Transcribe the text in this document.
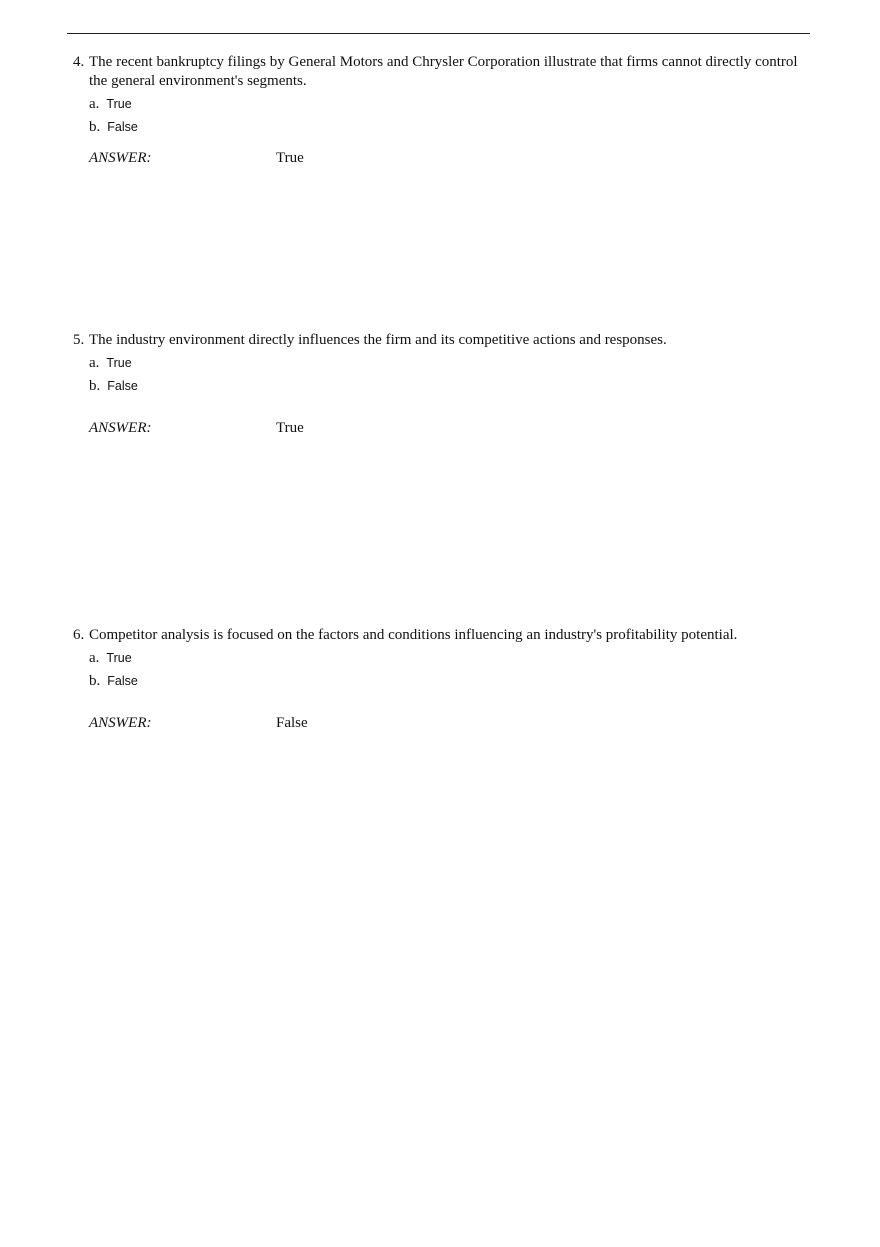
4. The recent bankruptcy filings by General Motors and Chrysler Corporation illustrate that firms cannot directly control the general environment's segments.
a. True
b. False
ANSWER:	True
5. The industry environment directly influences the firm and its competitive actions and responses.
a. True
b. False
ANSWER:	True
6. Competitor analysis is focused on the factors and conditions influencing an industry's profitability potential.
a. True
b. False
ANSWER:	False
